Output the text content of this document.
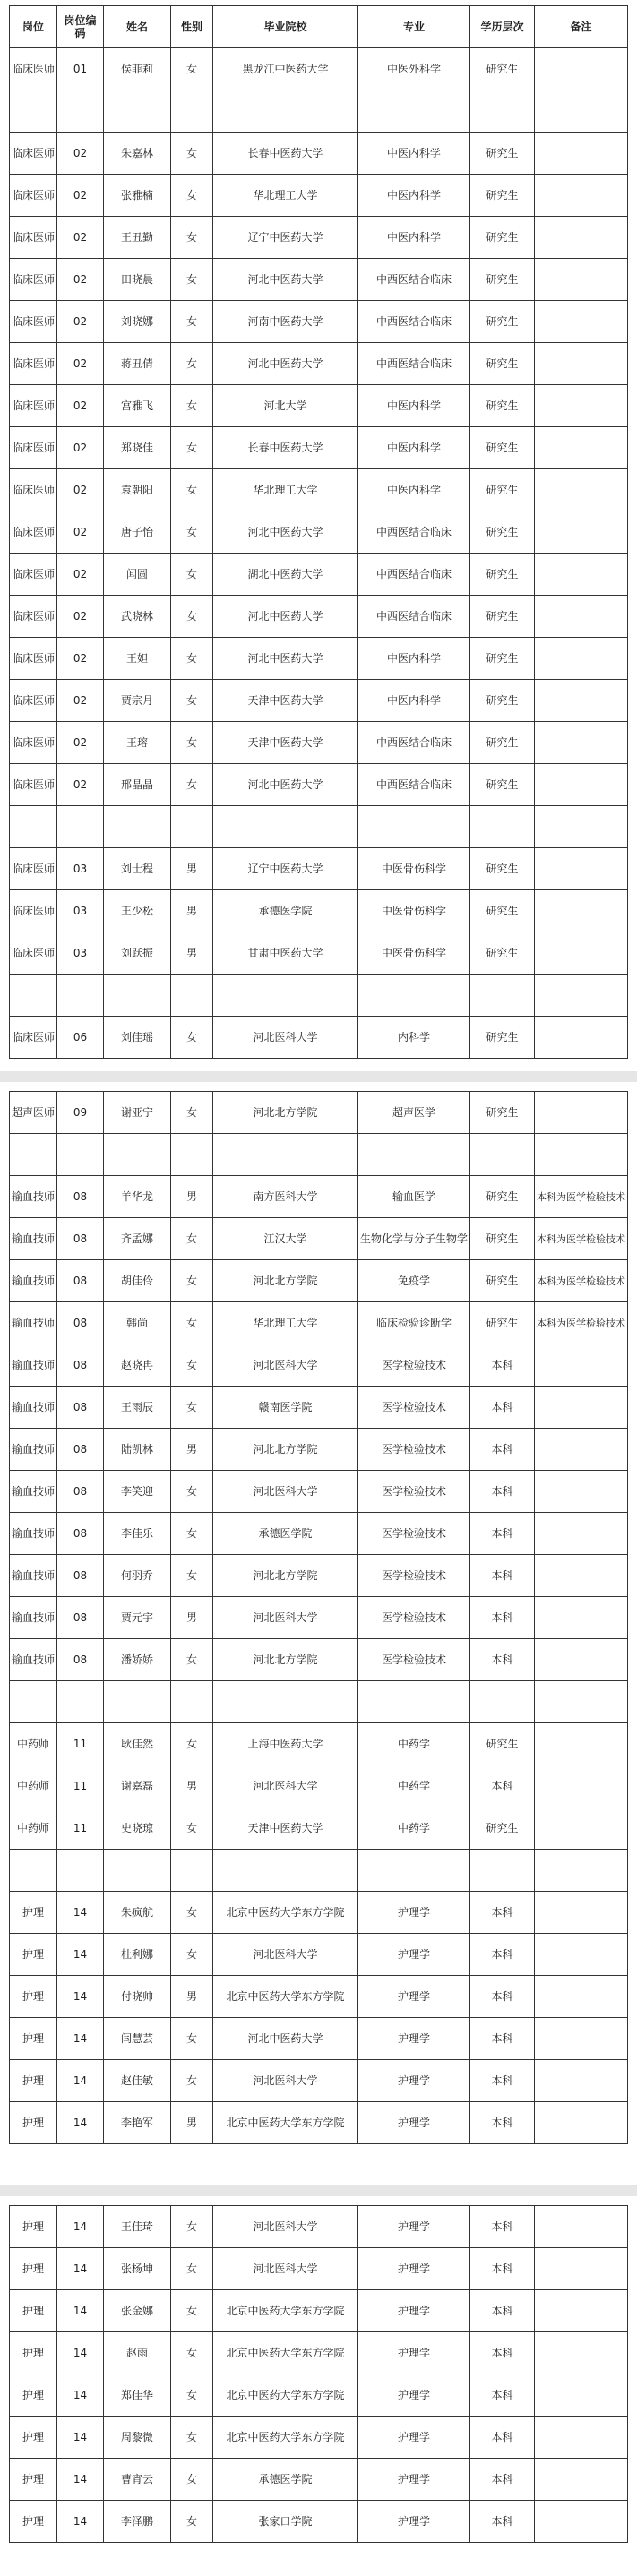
岗位	岗位编码	姓名	性别	毕业院校	专业	学历层次	备注
临床医师	01	侯菲莉	女	黑龙江中医药大学	中医外科学	研究生	

临床医师	02	朱嘉林	女	长春中医药大学	中医内科学	研究生	
临床医师	02	张雅楠	女	华北理工大学	中医内科学	研究生	
临床医师	02	王丑勤	女	辽宁中医药大学	中医内科学	研究生	
临床医师	02	田晓晨	女	河北中医药大学	中西医结合临床	研究生	
临床医师	02	刘晓娜	女	河南中医药大学	中西医结合临床	研究生	
临床医师	02	蒋丑倩	女	河北中医药大学	中西医结合临床	研究生	
临床医师	02	宫雅飞	女	河北大学	中医内科学	研究生	
临床医师	02	郑晓佳	女	长春中医药大学	中医内科学	研究生	
临床医师	02	袁朝阳	女	华北理工大学	中医内科学	研究生	
临床医师	02	唐子怡	女	河北中医药大学	中西医结合临床	研究生	
临床医师	02	闻圆	女	湖北中医药大学	中西医结合临床	研究生	
临床医师	02	武晓林	女	河北中医药大学	中西医结合临床	研究生	
临床医师	02	王妲	女	河北中医药大学	中医内科学	研究生	
临床医师	02	贾宗月	女	天津中医药大学	中医内科学	研究生	
临床医师	02	王瑢	女	天津中医药大学	中西医结合临床	研究生	
临床医师	02	邢晶晶	女	河北中医药大学	中西医结合临床	研究生	

临床医师	03	刘士程	男	辽宁中医药大学	中医骨伤科学	研究生	
临床医师	03	王少松	男	承德医学院	中医骨伤科学	研究生	
临床医师	03	刘跃振	男	甘肃中医药大学	中医骨伤科学	研究生	

临床医师	06	刘佳瑶	女	河北医科大学	内科学	研究生	
超声医师	09	谢亚宁	女	河北北方学院	超声医学	研究生	

输血技师	08	羊华龙	男	南方医科大学	输血医学	研究生	本科为医学检验技术
输血技师	08	齐孟娜	女	江汉大学	生物化学与分子生物学	研究生	本科为医学检验技术
输血技师	08	胡佳伶	女	河北北方学院	免疫学	研究生	本科为医学检验技术
输血技师	08	韩尚	女	华北理工大学	临床检验诊断学	研究生	本科为医学检验技术
输血技师	08	赵晓冉	女	河北医科大学	医学检验技术	本科	
输血技师	08	王雨辰	女	赣南医学院	医学检验技术	本科	
输血技师	08	陆凯林	男	河北北方学院	医学检验技术	本科	
输血技师	08	李笑迎	女	河北医科大学	医学检验技术	本科	
输血技师	08	李佳乐	女	承德医学院	医学检验技术	本科	
输血技师	08	何羽乔	女	河北北方学院	医学检验技术	本科	
输血技师	08	贾元宇	男	河北医科大学	医学检验技术	本科	
输血技师	08	潘娇娇	女	河北北方学院	医学检验技术	本科	

中药师	11	耿佳然	女	上海中医药大学	中药学	研究生	
中药师	11	谢嘉磊	男	河北医科大学	中药学	本科	
中药师	11	史晓琼	女	天津中医药大学	中药学	研究生	

护理	14	朱疯航	女	北京中医药大学东方学院	护理学	本科	
护理	14	杜利娜	女	河北医科大学	护理学	本科	
护理	14	付晓帅	男	北京中医药大学东方学院	护理学	本科	
护理	14	闫慧芸	女	河北中医药大学	护理学	本科	
护理	14	赵佳敏	女	河北医科大学	护理学	本科	
护理	14	李艳军	男	北京中医药大学东方学院	护理学	本科	
护理	14	王佳琦	女	河北医科大学	护理学	本科	
护理	14	张杨坤	女	河北医科大学	护理学	本科	
护理	14	张金娜	女	北京中医药大学东方学院	护理学	本科	
护理	14	赵雨	女	北京中医药大学东方学院	护理学	本科	
护理	14	郑佳华	女	北京中医药大学东方学院	护理学	本科	
护理	14	周黎微	女	北京中医药大学东方学院	护理学	本科	
护理	14	曹宵云	女	承德医学院	护理学	本科	
护理	14	李泽鹏	女	张家口学院	护理学	本科	
